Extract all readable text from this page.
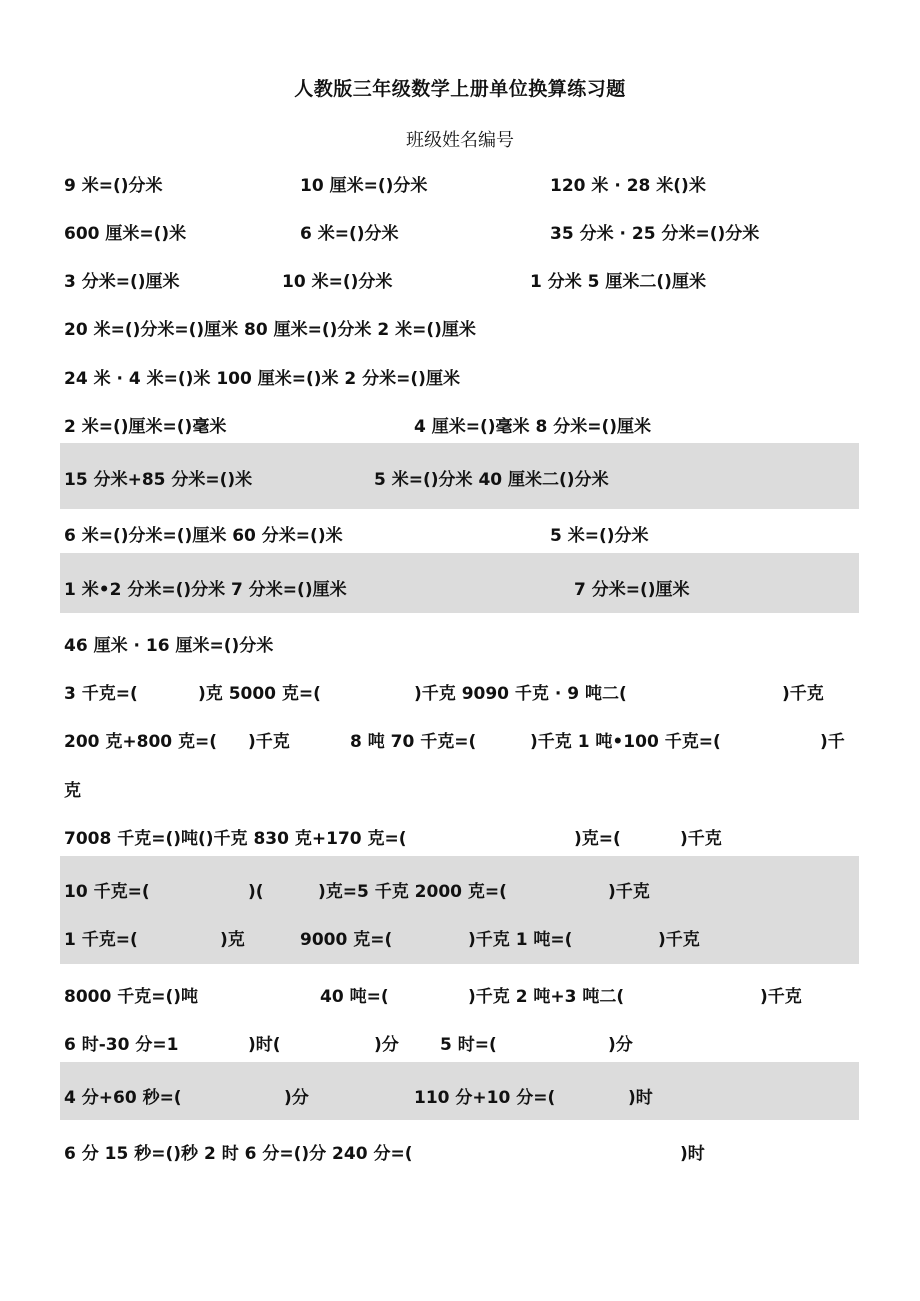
人教版三年级数学上册单位换算练习题
班级姓名编号
9 米=()分米	10 厘米=()分米	120 米 · 28 米()米
600 厘米=()米	6 米=()分米	35 分米 · 25 分米=()分米
3 分米=()厘米	10 米=()分米	1 分米 5 厘米二()厘米
20 米=()分米=()厘米 80 厘米=()分米 2 米=()厘米
24 米 · 4 米=()米 100 厘米=()米 2 分米=()厘米
2 米=()厘米=()毫米	4 厘米=()毫米 8 分米=()厘米
15 分米+85 分米=()米	5 米=()分米 40 厘米二()分米
6 米=()分米=()厘米 60 分米=()米	5 米=()分米
1 米•2 分米=()分米 7 分米=()厘米	7 分米=()厘米
46 厘米 · 16 厘米=()分米
3 千克=(	)克 5000 克=(	)千克 9090 千克 · 9 吨二(	)千克
200 克+800 克=( )千克	8 吨 70 千克=(	)千克 1 吨•100 千克=(	)千
克
7008 千克=()吨()千克 830 克+170 克=(	)克=(	)千克
10 千克=(	)(	)克=5 千克 2000 克=(	)千克
1 千克=(	)克	9000 克=(	)千克 1 吨=(	)千克
8000 千克=()吨	40 吨=(	)千克 2 吨+3 吨二(	)千克
6 时-30 分=1	)时(	)分 5 时=(	)分
4 分+60 秒=(	)分	110 分+10 分=(	)时
6 分 15 秒=()秒 2 时 6 分=()分 240 分=(	)时
